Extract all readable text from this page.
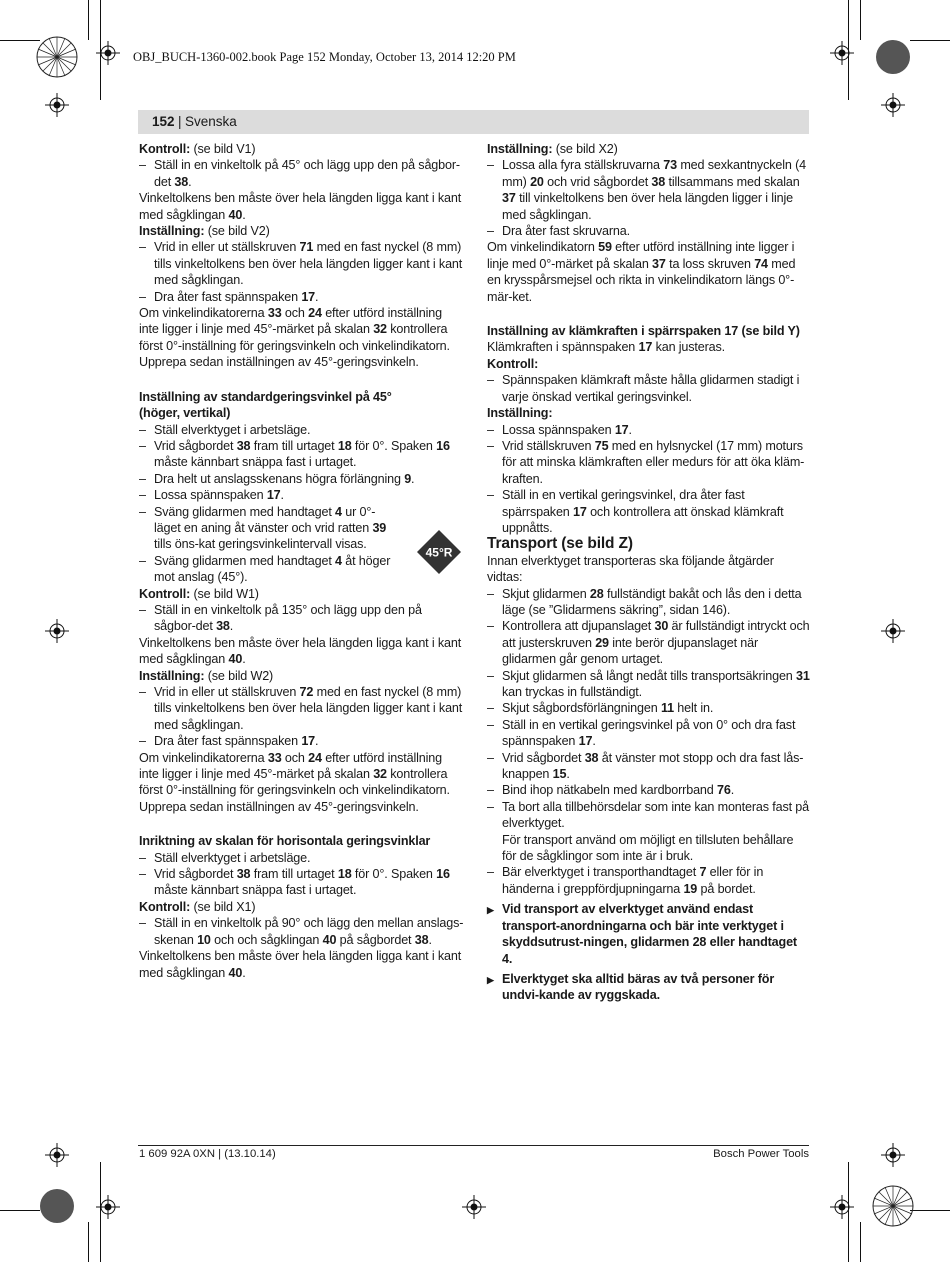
OBJ_BUCH-1360-002.book Page 152 Monday, October 13, 2014 12:20 PM
152 | Svenska

Kontroll: (se bild V1)

– Ställ in en vinkeltolk på 45° och lägg upp den på sågbor-
det 38.

Vinkeltolkens ben måste över hela längden ligga kant i kant med sågklingan 40.

Inställning: (se bild V2)

– Vrid in eller ut ställskruven 71 med en fast nyckel (8 mm) tills vinkeltolkens ben över hela längden ligger kant i kant med sågklingan.

– Dra åter fast spännspaken 17.

Om vinkelindikatorerna 33 och 24 efter utförd inställning inte ligger i linje med 45°-märket på skalan 32 kontrollera först 0°-inställning för geringsvinkeln och vinkelindikatorn. Upprepa sedan inställningen av 45°-geringsvinkeln.

Inställning av standardgeringsvinkel på 45° (höger, vertikal)

– Ställ elverktyget i arbetsläge.

– Vrid sågbordet 38 fram till urtaget 18 för 0°. Spaken 16 måste kännbart snäppa fast i urtaget.

– Dra helt ut anslagsskenans högra förlängning 9.

– Lossa spännspaken 17.

– Sväng glidarmen med handtaget 4 ur 0°-läget en aning åt vänster och vrid ratten 39 tills öns-kat geringsvinkelintervall visas.

– Sväng glidarmen med handtaget 4 åt höger mot anslag (45°).

Kontroll: (se bild W1)

– Ställ in en vinkeltolk på 135° och lägg upp den på sågbor-det 38.

Vinkeltolkens ben måste över hela längden ligga kant i kant med sågklingan 40.

Inställning: (se bild W2)

– Vrid in eller ut ställskruven 72 med en fast nyckel (8 mm) tills vinkeltolkens ben över hela längden ligger kant i kant med sågklingan.

– Dra åter fast spännspaken 17.

Om vinkelindikatorerna 33 och 24 efter utförd inställning inte ligger i linje med 45°-märket på skalan 32 kontrollera först 0°-inställning för geringsvinkeln och vinkelindikatorn. Upprepa sedan inställningen av 45°-geringsvinkeln.

Inriktning av skalan för horisontala geringsvinklar

– Ställ elverktyget i arbetsläge.

– Vrid sågbordet 38 fram till urtaget 18 för 0°. Spaken 16 måste kännbart snäppa fast i urtaget.

Kontroll: (se bild X1)

– Ställ in en vinkeltolk på 90° och lägg den mellan anslags-skenan 10 och och sågklingan 40 på sågbordet 38.

Vinkeltolkens ben måste över hela längden ligga kant i kant med sågklingan 40.

45°R

Inställning: (se bild X2)

– Lossa alla fyra ställskruvarna 73 med sexkantnyckeln (4 mm) 20 och vrid sågbordet 38 tillsammans med skalan 37 till vinkeltolkens ben över hela längden ligger i linje med sågklingan.

– Dra åter fast skruvarna.

Om vinkelindikatorn 59 efter utförd inställning inte ligger i linje med 0°-märket på skalan 37 ta loss skruven 74 med en krysspårsmejsel och rikta in vinkelindikatorn längs 0°-mär-ket.

Inställning av klämkraften i spärrspaken 17 (se bild Y)

Klämkraften i spännspaken 17 kan justeras.

Kontroll:

– Spännspaken klämkraft måste hålla glidarmen stadigt i varje önskad vertikal geringsvinkel.

Inställning:

– Lossa spännspaken 17.

– Vrid ställskruven 75 med en hylsnyckel (17 mm) moturs för att minska klämkraften eller medurs för att öka kläm-kraften.

– Ställ in en vertikal geringsvinkel, dra åter fast spärrspaken 17 och kontrollera att önskad klämkraft uppnåtts.

Transport (se bild Z)

Innan elverktyget transporteras ska följande åtgärder vidtas:

– Skjut glidarmen 28 fullständigt bakåt och lås den i detta läge (se ”Glidarmens säkring”, sidan 146).

– Kontrollera att djupanslaget 30 är fullständigt intryckt och att justerskruven 29 inte berör djupanslaget när glidarmen går genom urtaget.

– Skjut glidarmen så långt nedåt tills transportsäkringen 31 kan tryckas in fullständigt.

– Skjut sågbordsförlängningen 11 helt in.

– Ställ in en vertikal geringsvinkel på von 0° och dra fast spännspaken 17.

– Vrid sågbordet 38 åt vänster mot stopp och dra fast lås-knappen 15.

– Bind ihop nätkabeln med kardborrband 76.

– Ta bort alla tillbehörsdelar som inte kan monteras fast på elverktyget.

För transport använd om möjligt en tillsluten behållare för de sågklingor som inte är i bruk.

– Bär elverktyget i transporthandtaget 7 eller för in händerna i greppfördjupningarna 19 på bordet.

▶ Vid transport av elverktyget använd endast transport-anordningarna och bär inte verktyget i skyddsutrust-ningen, glidarmen 28 eller handtaget 4.

▶ Elverktyget ska alltid bäras av två personer för undvi-kande av ryggskada.

1 609 92A 0XN | (13.10.14)	Bosch Power Tools
